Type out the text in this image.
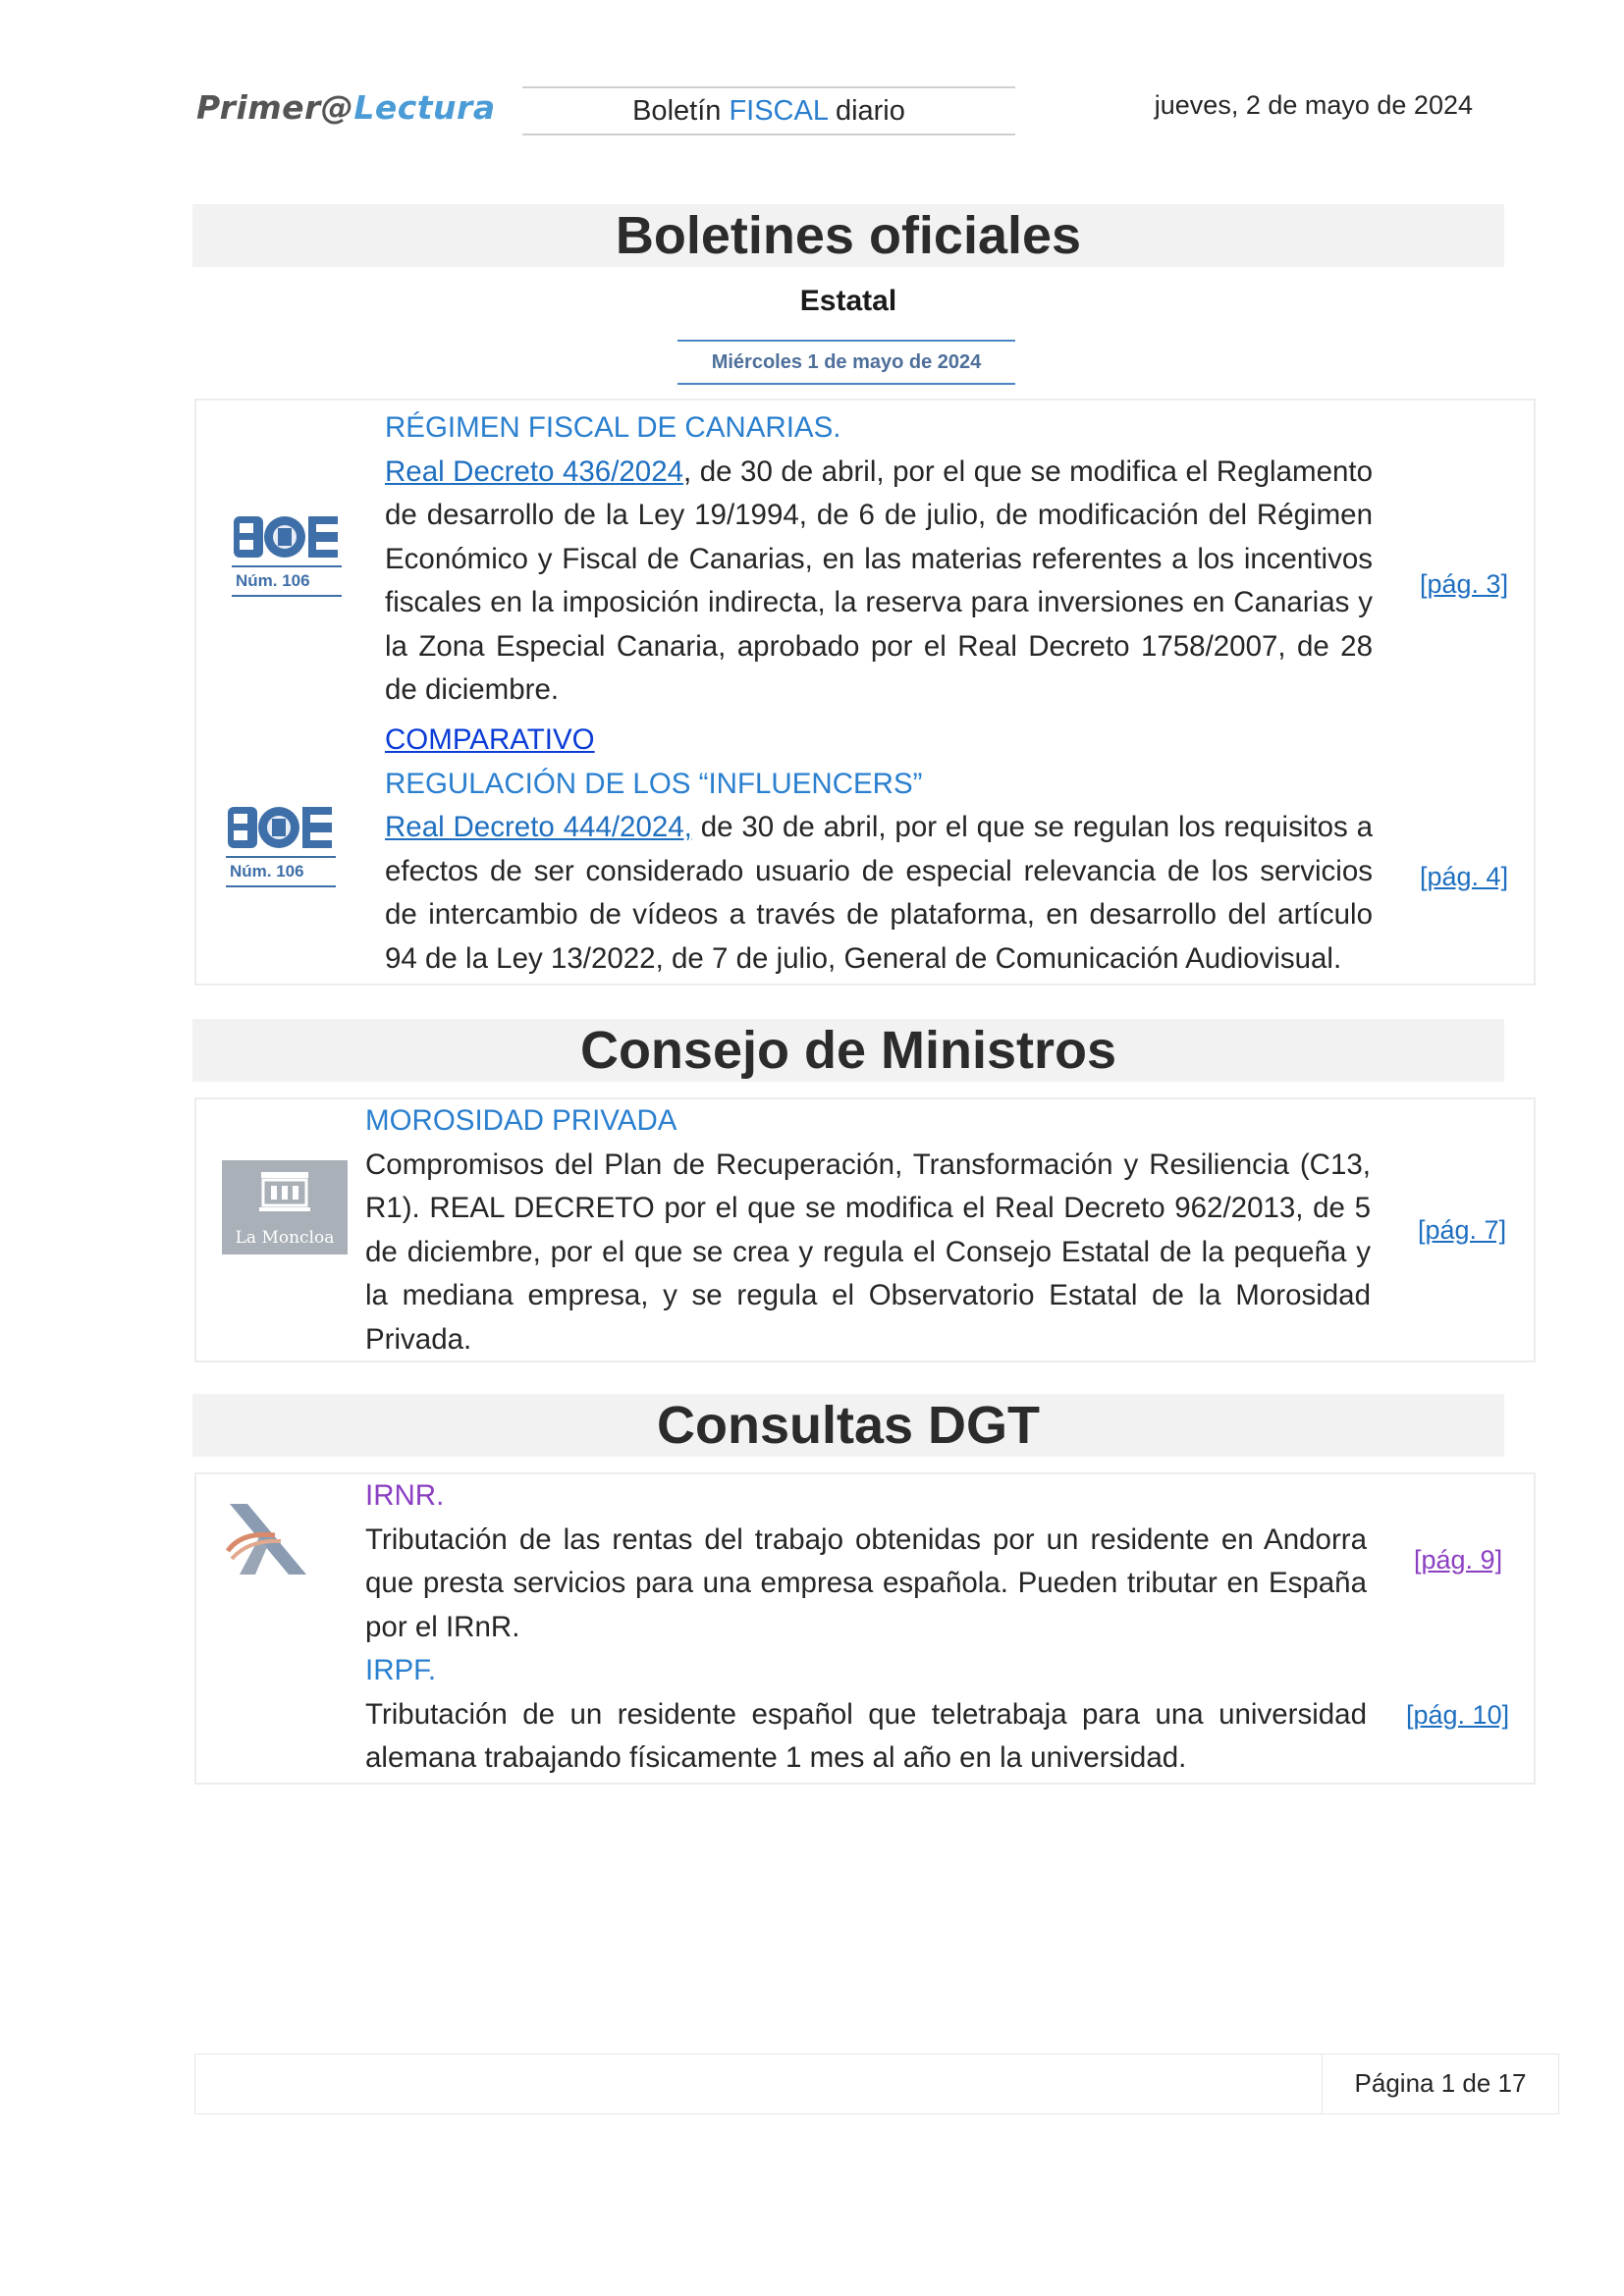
Primer@Lectura	Boletín FISCAL diario	jueves, 2 de mayo de 2024
Boletines oficiales
Estatal
Miércoles 1 de mayo de 2024
Núm. 106
RÉGIMEN FISCAL DE CANARIAS.
Real Decreto 436/2024, de 30 de abril, por el que se modifica el Reglamento de desarrollo de la Ley 19/1994, de 6 de julio, de modificación del Régimen Económico y Fiscal de Canarias, en las materias referentes a los incentivos fiscales en la imposición indirecta, la reserva para inversiones en Canarias y la Zona Especial Canaria, aprobado por el Real Decreto 1758/2007, de 28 de diciembre.
[pág. 3]
Núm. 106
COMPARATIVO
REGULACIÓN DE LOS “INFLUENCERS”
Real Decreto 444/2024, de 30 de abril, por el que se regulan los requisitos a efectos de ser considerado usuario de especial relevancia de los servicios de intercambio de vídeos a través de plataforma, en desarrollo del artículo 94 de la Ley 13/2022, de 7 de julio, General de Comunicación Audiovisual.
[pág. 4]
Consejo de Ministros
La Moncloa
MOROSIDAD PRIVADA
Compromisos del Plan de Recuperación, Transformación y Resiliencia (C13, R1). REAL DECRETO por el que se modifica el Real Decreto 962/2013, de 5 de diciembre, por el que se crea y regula el Consejo Estatal de la pequeña y la mediana empresa, y se regula el Observatorio Estatal de la Morosidad Privada.
[pág. 7]
Consultas DGT
IRNR.
Tributación de las rentas del trabajo obtenidas por un residente en Andorra que presta servicios para una empresa española. Pueden tributar en España por el IRnR.
[pág. 9]
IRPF.
Tributación de un residente español que teletrabaja para una universidad alemana trabajando físicamente 1 mes al año en la universidad.
[pág. 10]
Página 1 de 17
